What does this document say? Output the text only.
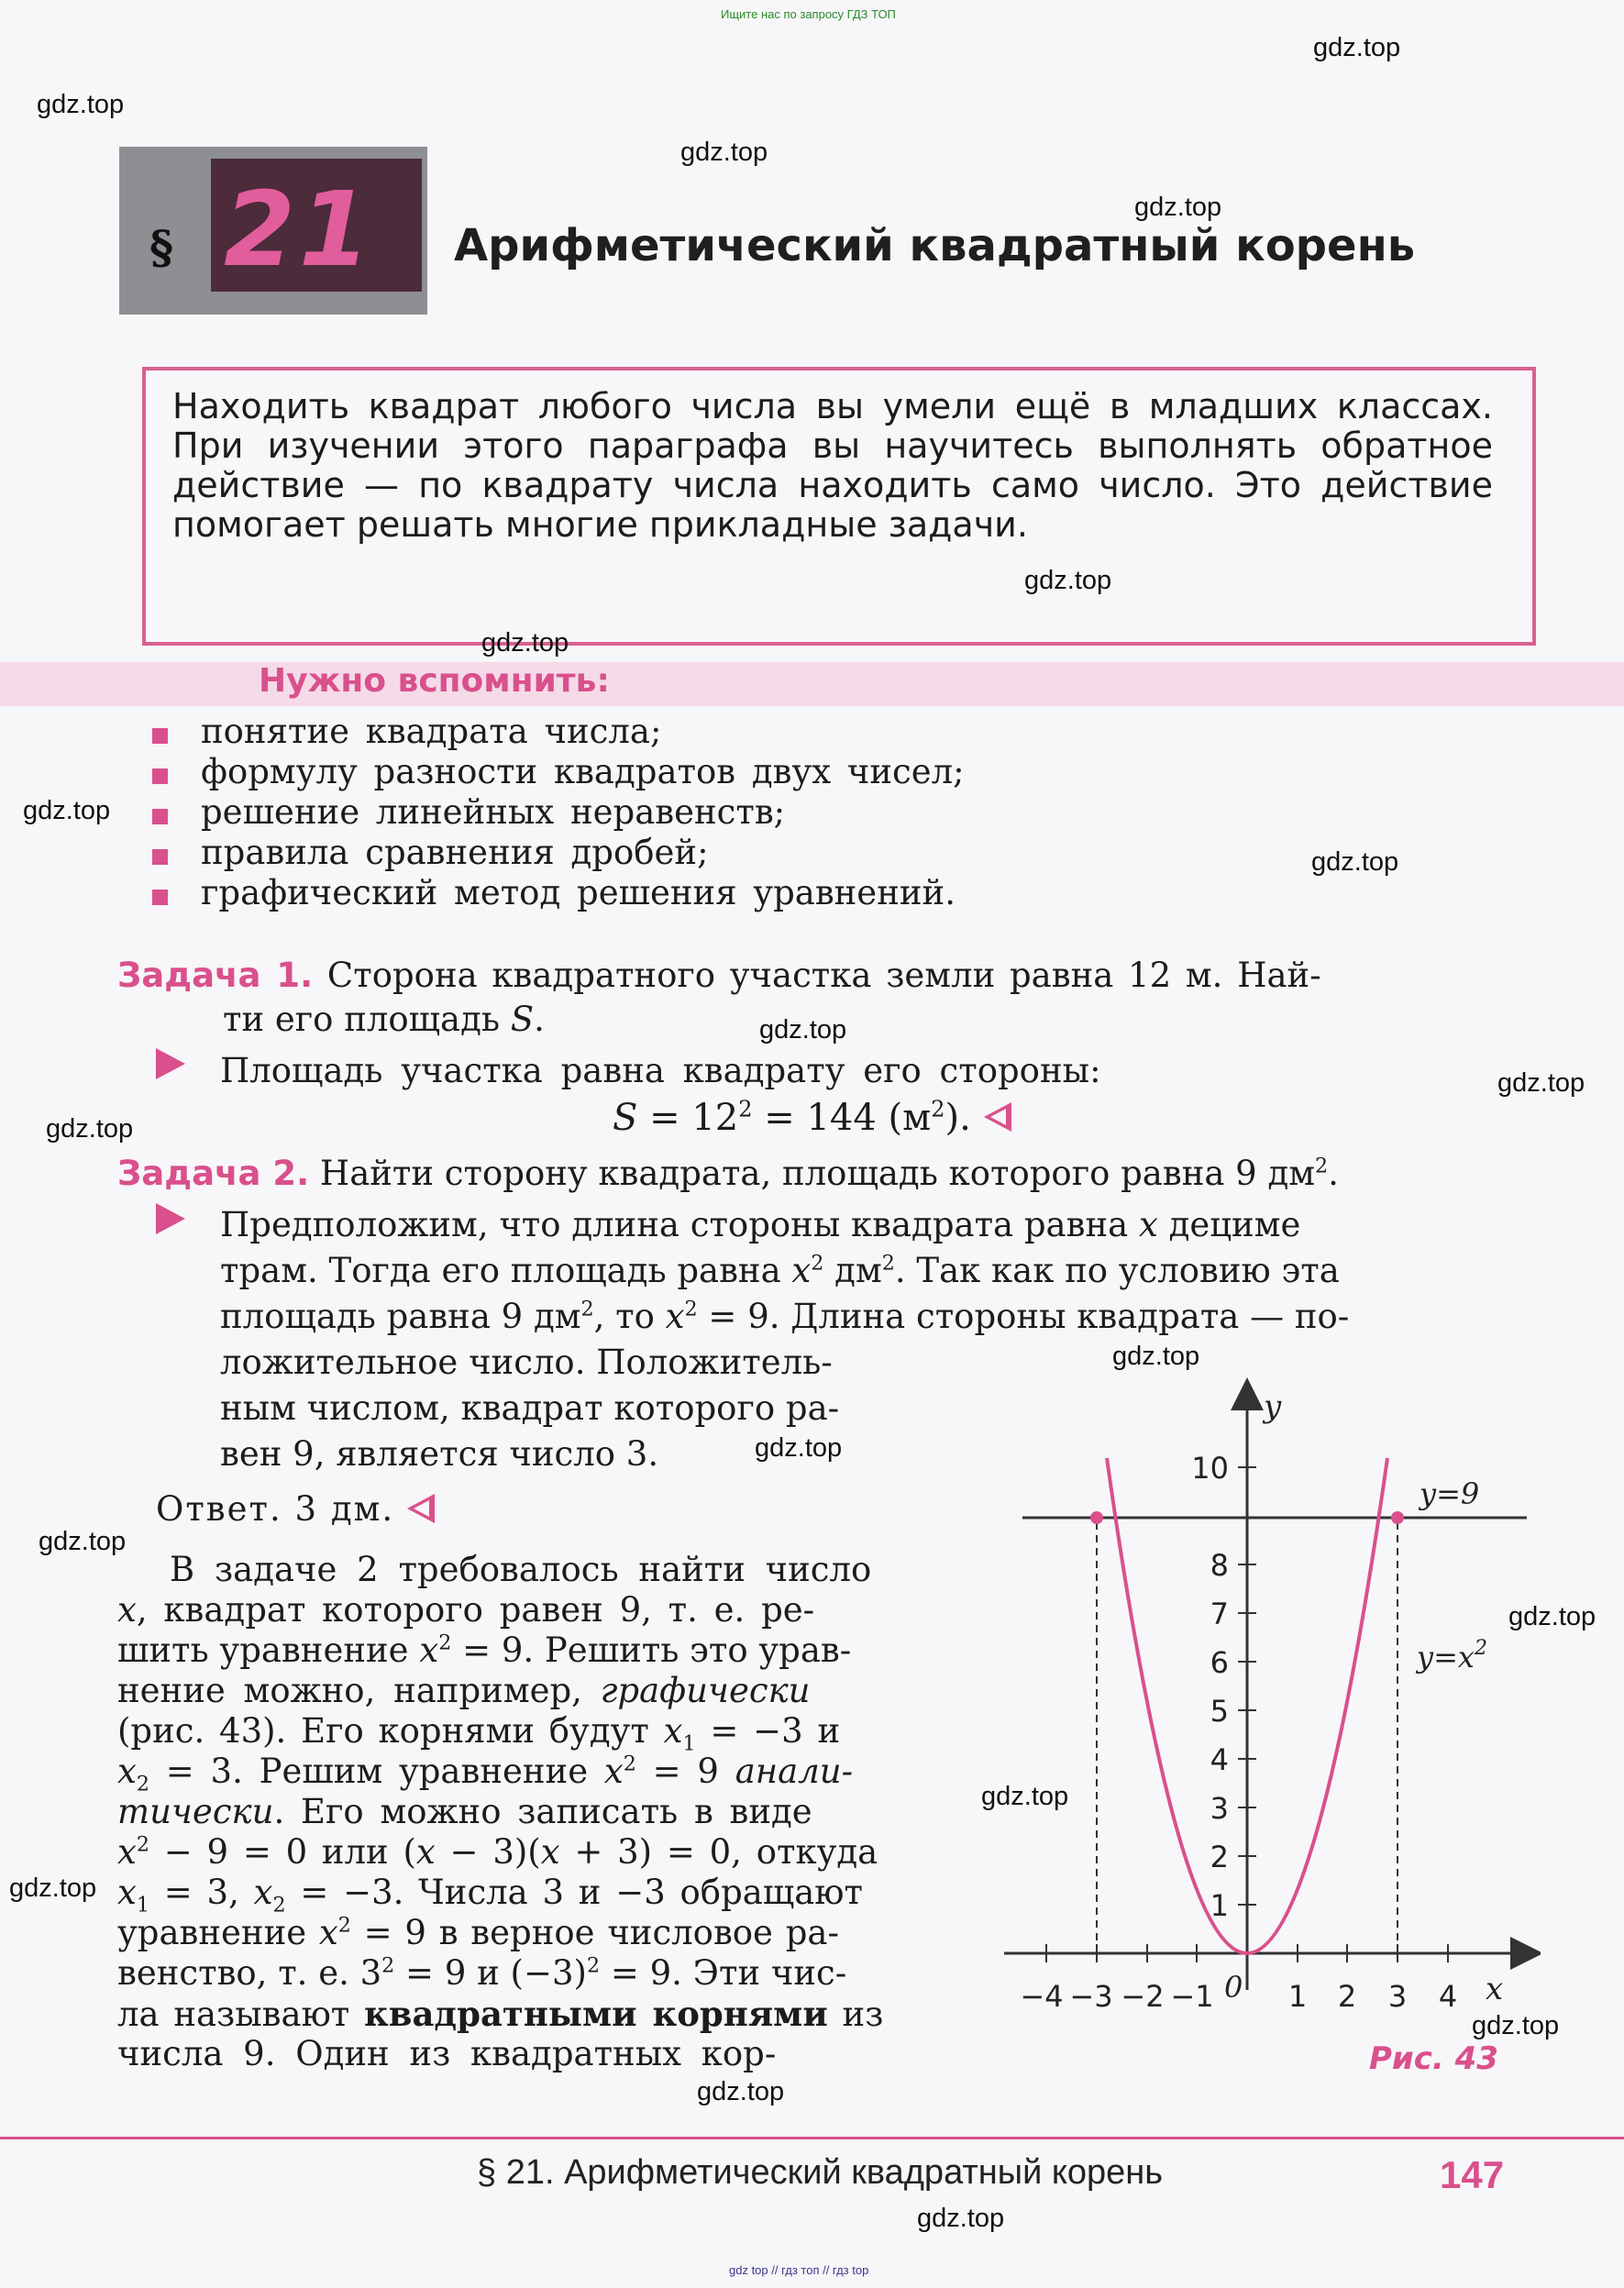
Ищите нас по запросу ГДЗ ТОП
gdz top // гдз топ // гдз top
§ 21 Арифметический квадратный корень
Находить квадрат любого числа вы умели ещё в младших классах. При изучении этого параграфа вы научитесь выполнять обратное действие — по квадрату числа находить само число. Это действие помогает решать многие прикладные задачи.
Нужно вспомнить:
понятие квадрата числа;
формулу разности квадратов двух чисел;
решение линейных неравенств;
правила сравнения дробей;
графический метод решения уравнений.
Задача 1. Сторона квадратного участка земли равна 12 м. Най-
ти его площадь S.
Площадь участка равна квадрату его стороны:
$S = 12^2 = 144$ $(м^2)$.
Задача 2. Найти сторону квадрата, площадь которого равна 9 $дм^2$.
Предположим, что длина стороны квадрата равна x дециме
трам. Тогда его площадь равна $x^2$ $дм^2$. Так как по условию эта
площадь равна 9 $дм^2$, то $x^2 = 9$. Длина стороны квадрата — по-
ложительное число. Положитель-
ным числом, квадрат которого ра-
вен 9, является число 3.
Ответ. 3 дм.
В задаче 2 требовалось найти число
x, квадрат которого равен 9, т. е. ре-
шить уравнение $x^2 = 9$. Решить это урав-
нение можно, например, графически
(рис. 43). Его корнями будут $x_1 = -3$ и
$x_2 = 3$. Решим уравнение $x^2 = 9$ анали-
тически. Его можно записать в виде
$x^2 - 9 = 0$ или (x − 3)(x + 3) = 0, откуда
$x_1 = 3$, $x_2 = -3$. Числа 3 и −3 обращают
уравнение $x^2 = 9$ в верное числовое ра-
венство, т. е. $3^2 = 9$ и $(-3)^2 = 9$. Эти чис-
ла называют квадратными корнями из
числа 9. Один из квадратных кор-
x
y
0
−4 −3 −2 −1	1 2 3 4
1
2
3
4
5
6
7
8
10
y=9
$y=x^2$
Рис. 43
§ 21. Арифметический квадратный корень	147
gdz.top
gdz.top
gdz.top
gdz.top
gdz.top
gdz.top
gdz.top
gdz.top
gdz.top
gdz.top
gdz.top
gdz.top
gdz.top
gdz.top
gdz.top
gdz.top
gdz.top
gdz.top
gdz.top
gdz.top
